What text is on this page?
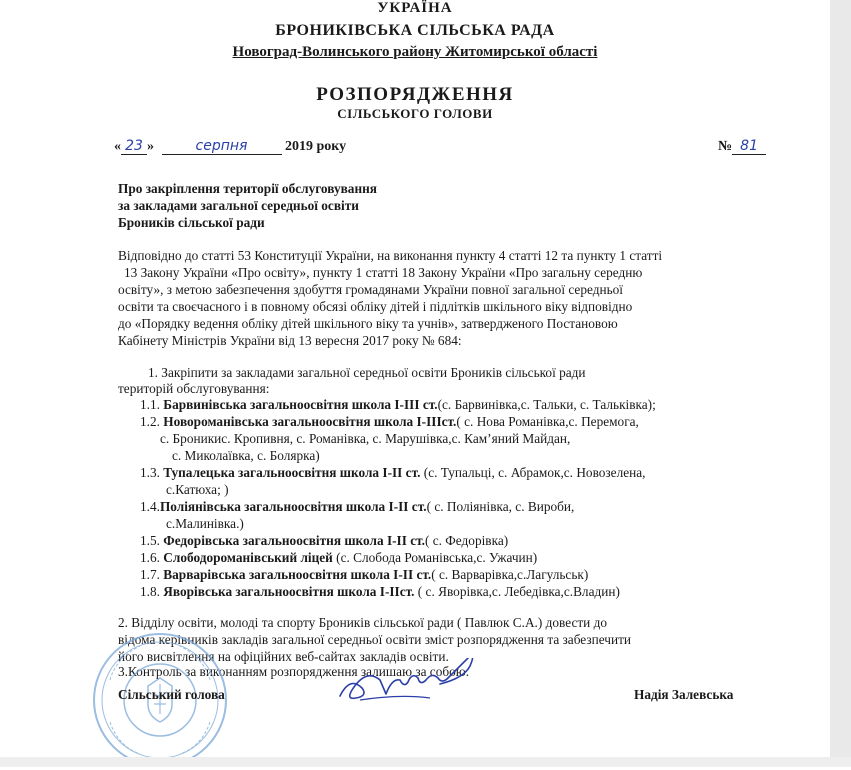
УКРАЇНА
БРОНИКІВСЬКА СІЛЬСЬКА РАДА
Новоград-Волинського району Житомирської області
РОЗПОРЯДЖЕННЯ
СІЛЬСЬКОГО ГОЛОВИ
« 23 »	серпня	2019 року	№ 81
Про закріплення території обслуговування
за закладами загальної середньої освіти
Броників сільської ради
Відповідно до статті 53 Конституції України, на виконання пункту 4 статті 12 та пункту 1 статті
13 Закону України «Про освіту», пункту 1 статті 18 Закону України «Про загальну середню
освіту», з метою забезпечення здобуття громадянами України повної загальної середньої
освіти та своєчасного і в повному обсязі обліку дітей і підлітків шкільного віку відповідно
до «Порядку ведення обліку дітей шкільного віку та учнів», затвердженого Постановою
Кабінету Міністрів України від 13 вересня 2017 року № 684:
1. Закріпити за закладами загальної середньої освіти Броників сільської ради
територій обслуговування:
1.1. Барвинівська загальноосвітня школа І-ІІІ ст.(с. Барвинівка,с. Тальки, с. Тальківка);
1.2. Новороманівська загальноосвітня школа І-ІІІст.( с. Нова Романівка,с. Перемога,
с. Броникис. Кропивня, с. Романівка, с. Марушівка,с. Кам’яний Майдан,
с. Миколаївка, с. Болярка)
1.3. Тупалецька загальноосвітня школа І-ІІ ст. (с. Тупальці, с. Абрамок,с. Новозелена,
с.Катюха; )
1.4.Поліянівська загальноосвітня школа І-ІІ ст.( с. Поліянівка, с. Вироби,
с.Малинівка.)
1.5. Федорівська загальноосвітня школа І-ІІ ст.( с. Федорівка)
1.6. Слободороманівський ліцей (с. Слобода Романівська,с. Ужачин)
1.7. Варварівська загальноосвітня школа І-ІІ ст.( с. Варварівка,с.Лагульськ)
1.8. Яворівська загальноосвітня школа І-ІІст. ( с. Яворівка,с. Лебедівка,с.Владин)
2. Відділу освіти, молоді та спорту Броників сільської ради ( Павлюк С.А.) довести до
відома керівників закладів загальної середньої освіти зміст розпорядження та забезпечити
його висвітлення на офіційних веб-сайтах закладів освіти.
3.Контроль за виконанням розпорядження залишаю за собою.
Сільський голова	Надія Залевська
